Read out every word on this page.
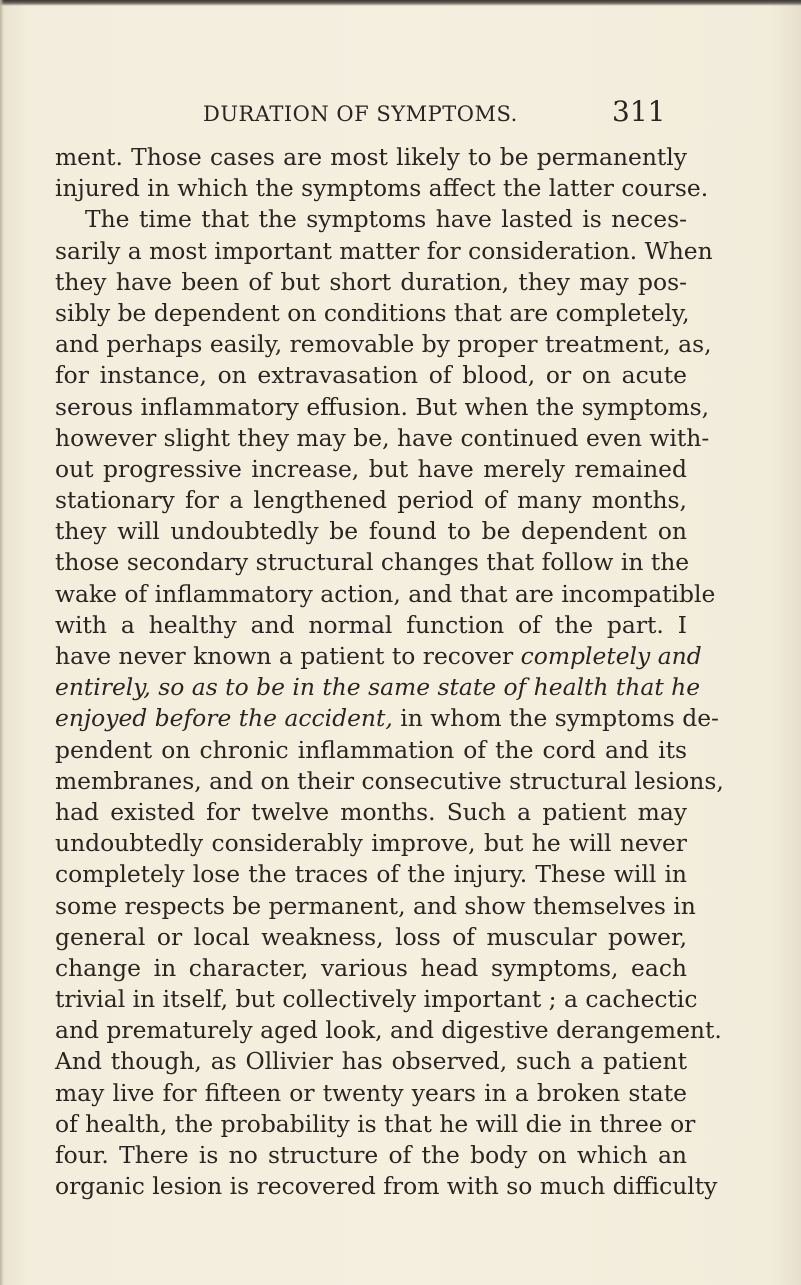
DURATION OF SYMPTOMS.	311
ment. Those cases are most likely to be permanently
injured in which the symptoms affect the latter course.
The time that the symptoms have lasted is neces-
sarily a most important matter for consideration. When
they have been of but short duration, they may pos-
sibly be dependent on conditions that are completely,
and perhaps easily, removable by proper treatment, as,
for instance, on extravasation of blood, or on acute
serous inflammatory effusion. But when the symptoms,
however slight they may be, have continued even with-
out progressive increase, but have merely remained
stationary for a lengthened period of many months,
they will undoubtedly be found to be dependent on
those secondary structural changes that follow in the
wake of inflammatory action, and that are incompatible
with a healthy and normal function of the part. I
have never known a patient to recover completely and
entirely, so as to be in the same state of health that he
enjoyed before the accident, in whom the symptoms de-
pendent on chronic inflammation of the cord and its
membranes, and on their consecutive structural lesions,
had existed for twelve months. Such a patient may
undoubtedly considerably improve, but he will never
completely lose the traces of the injury. These will in
some respects be permanent, and show themselves in
general or local weakness, loss of muscular power,
change in character, various head symptoms, each
trivial in itself, but collectively important ; a cachectic
and prematurely aged look, and digestive derangement.
And though, as Ollivier has observed, such a patient
may live for fifteen or twenty years in a broken state
of health, the probability is that he will die in three or
four. There is no structure of the body on which an
organic lesion is recovered from with so much difficulty
